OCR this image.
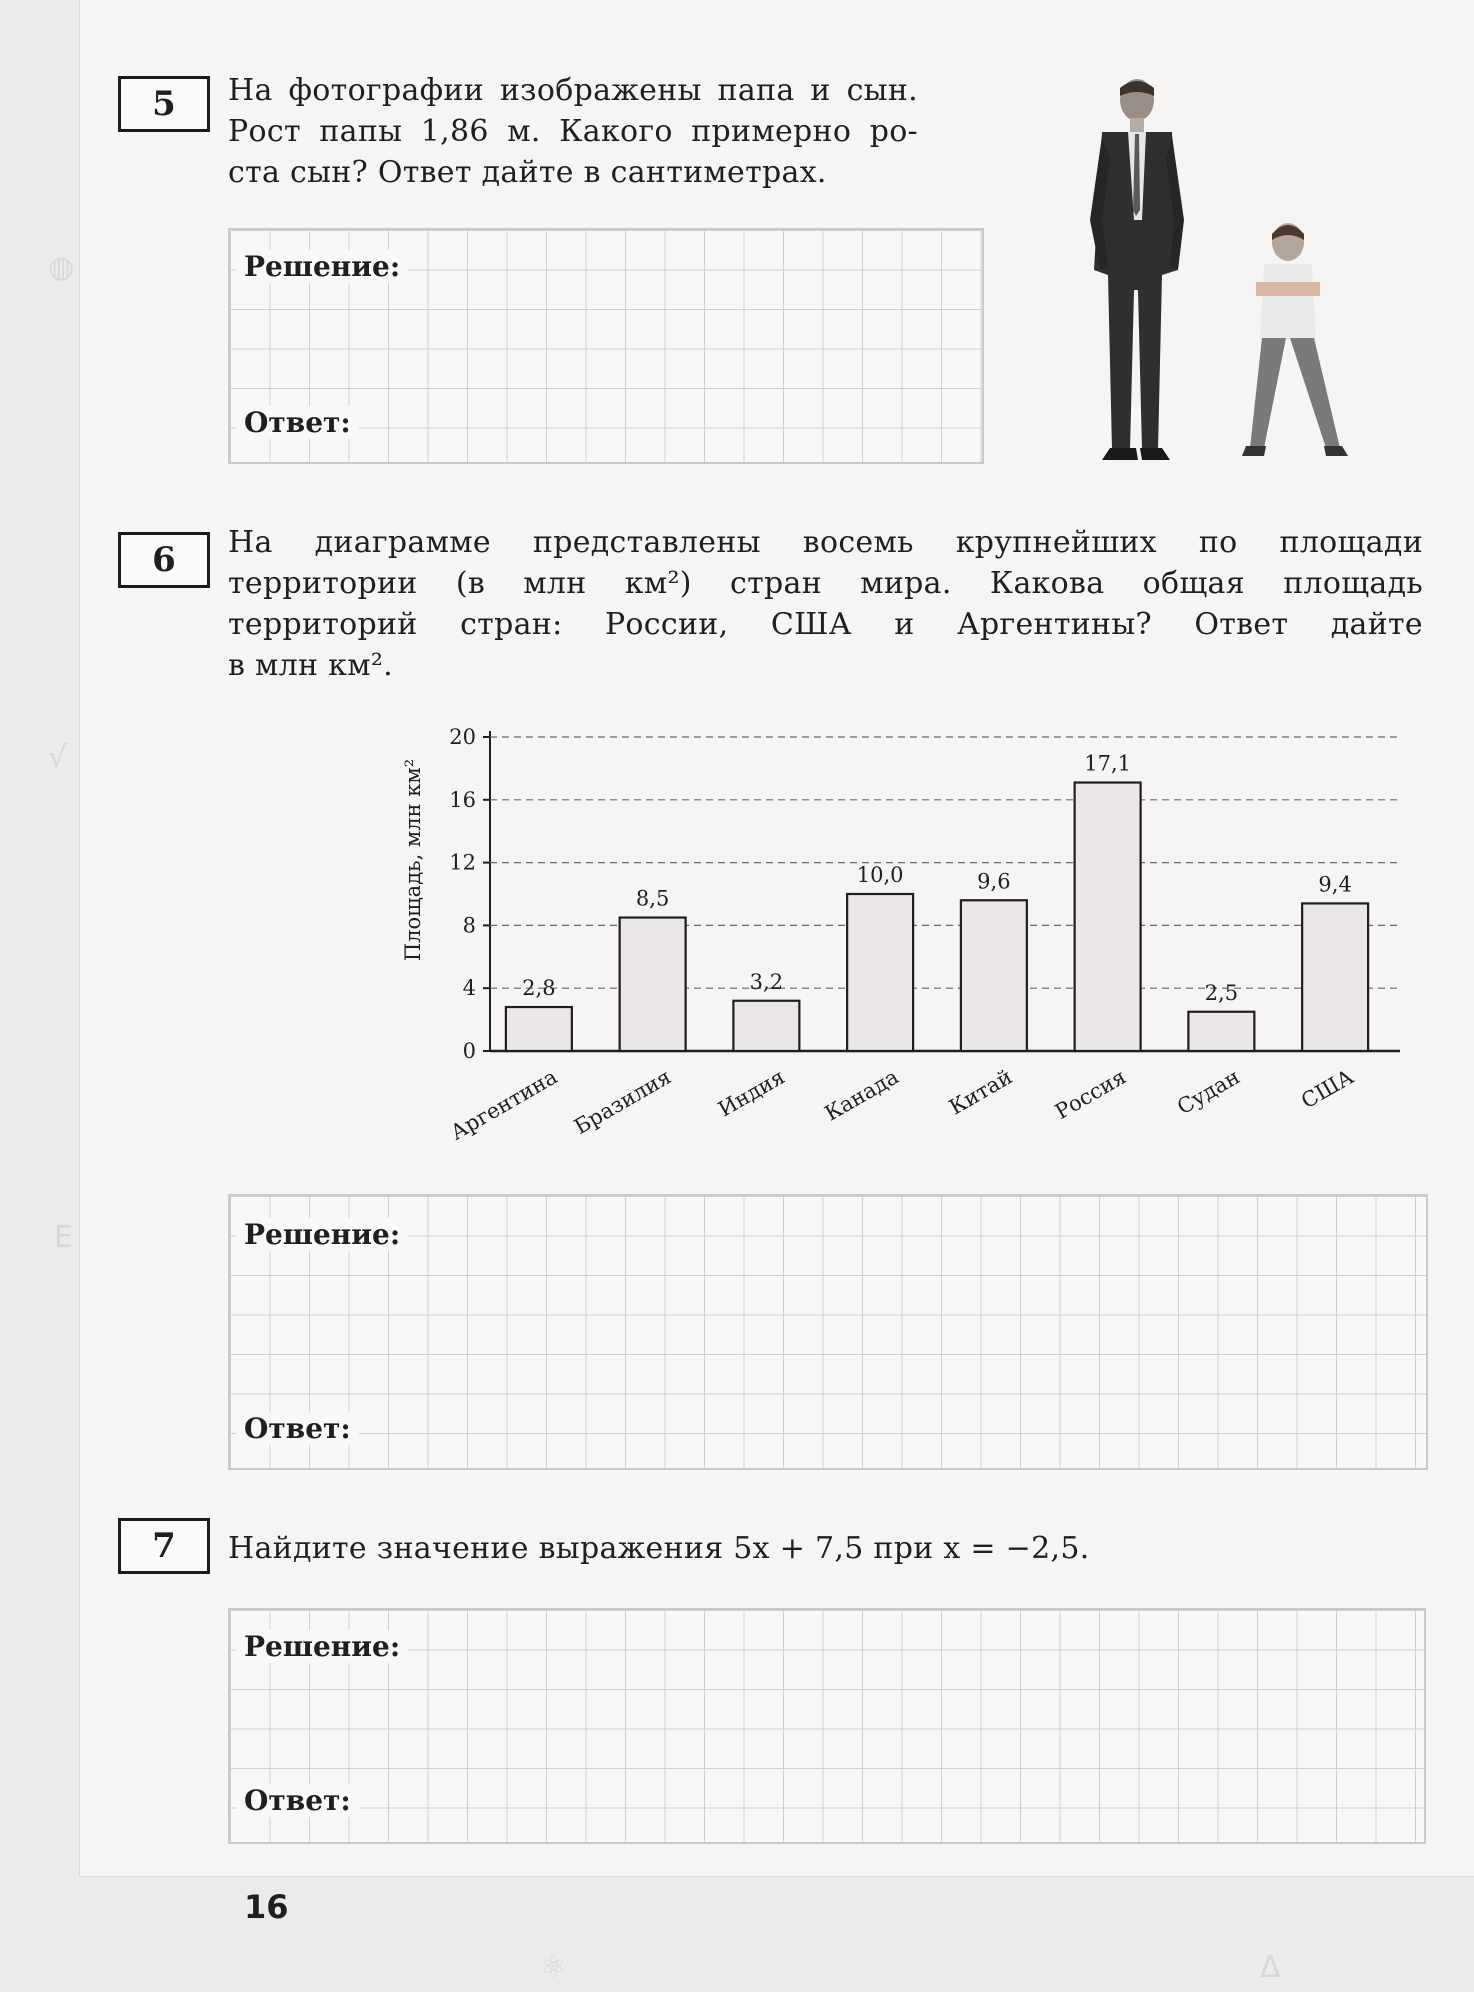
5	На фотографии изображены папа и сын.
Рост папы 1,86 м. Какого примерно ро-
ста сын? Ответ дайте в сантиметрах.
Решение:
Ответ:
6	На диаграмме представлены восемь крупнейших по площади
территории (в млн км²) стран мира. Какова общая площадь
территорий стран: России, США и Аргентины? Ответ дайте
в млн км².
Площадь, млн км²
0
4
8
12
16
20
2,8
8,5
3,2
10,0	9,6
17,1
2,5
9,4
Аргентина Бразилия Индия Канада Китай Россия Судан	США
Решение:
Ответ:
7	Найдите значение выражения 5x + 7,5 при x = −2,5.
Решение:
Ответ:
◍
√
Е
⚛	Δ
16
